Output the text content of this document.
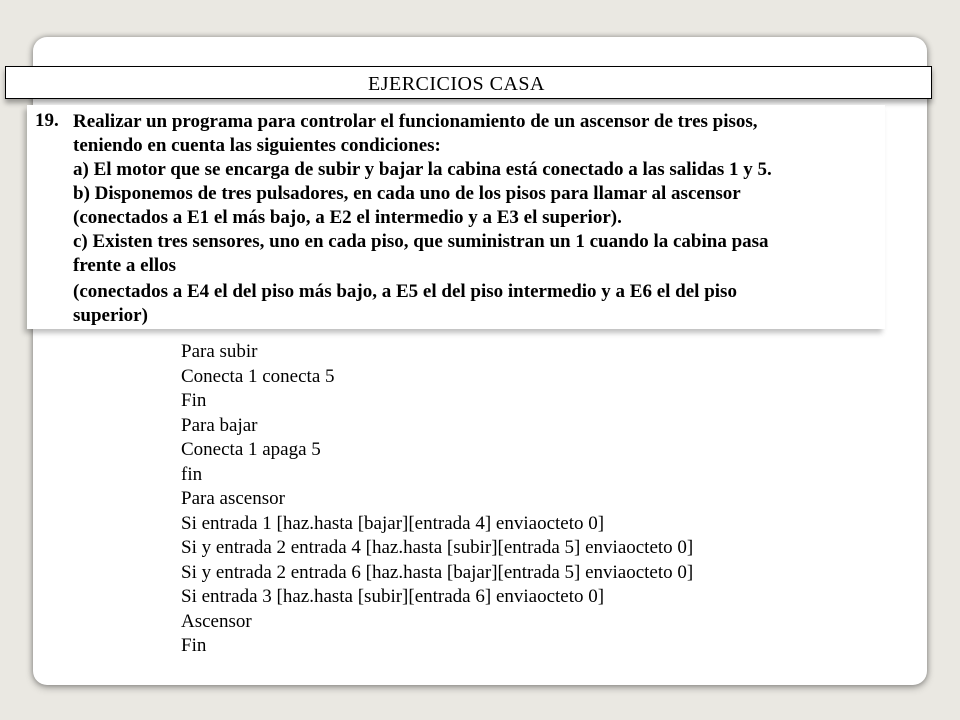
EJERCICIOS CASA
19. Realizar un programa para controlar el funcionamiento de un ascensor de tres pisos,
teniendo en cuenta las siguientes condiciones:
a) El motor que se encarga de subir y bajar la cabina está conectado a las salidas 1 y 5.
b) Disponemos de tres pulsadores, en cada uno de los pisos para llamar al ascensor
(conectados a E1 el más bajo, a E2 el intermedio y a E3 el superior).
c) Existen tres sensores, uno en cada piso, que suministran un 1 cuando la cabina pasa
frente a ellos
(conectados a E4 el del piso más bajo, a E5 el del piso intermedio y a E6 el del piso
superior)
Para subir
Conecta 1 conecta 5
Fin
Para bajar
Conecta 1 apaga 5
fin
Para ascensor
Si entrada 1 [haz.hasta [bajar][entrada 4] enviaocteto 0]
Si y entrada 2 entrada 4 [haz.hasta [subir][entrada 5] enviaocteto 0]
Si y entrada 2 entrada 6 [haz.hasta [bajar][entrada 5] enviaocteto 0]
Si entrada 3 [haz.hasta [subir][entrada 6] enviaocteto 0]
Ascensor
Fin
